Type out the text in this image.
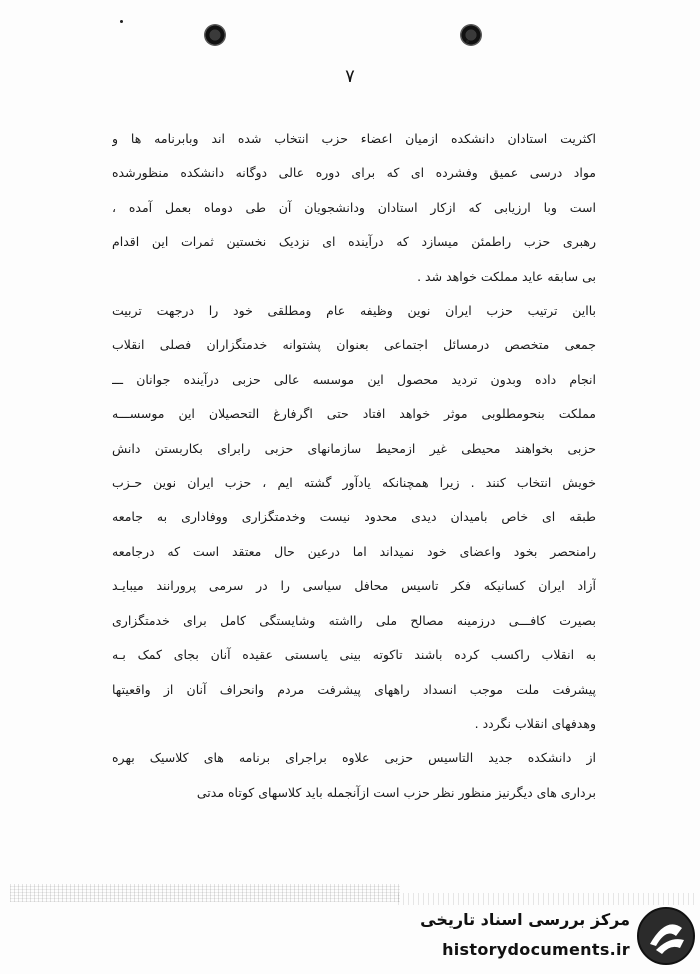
٧
اکثریت استادان دانشکده ازمیان اعضاء حزب انتخاب شده اند وبابرنامه ها و
مواد درسی عمیق وفشرده ای که برای دوره عالی دوگانه دانشکده منظورشده
است وبا ارزیابی که ازکار استادان ودانشجویان آن طی دوماه بعمل آمده ،
رهبری حزب راطمئن میسازد که درآینده ای نزدیک نخستین ثمرات این اقدام
بی سابقه عاید مملکت خواهد شد .
بااین ترتیب حزب ایران نوین وظیفه عام ومطلقی خود را درجهت تربیت
جمعی متخصص درمسائل اجتماعی بعنوان پشتوانه خدمتگزاران فصلی انقلاب
انجام داده وبدون تردید محصول این موسسه عالی حزبی درآینده جوانان ـــ
مملکت بنحومطلوبی موثر خواهد افتاد حتی اگرفارغ التحصیلان این موسســـه
حزبی بخواهند محیطی غیر ازمحیط سازمانهای حزبی رابرای بکاربستن دانش
خویش انتخاب کنند . زیرا همچنانکه یادآور گشته ایم ، حزب ایران نوین حـزب
طبقه ای خاص بامیدان دیدی محدود نیست وخدمتگزاری ووفاداری به جامعه
رامنحصر بخود واعضای خود نمیداند اما درعین حال معتقد است که درجامعه
آزاد ایران کسانیکه فکر تاسیس محافل سیاسی را در سرمی پرورانند میبایـد
بصیرت کافـــی درزمینه مصالح ملی رااشته وشایستگی کامل برای خدمتگزاری
به انقلاب راکسب کرده باشند تاکوته بینی یاسستی عقیده آنان بجای کمک بـه
پیشرفت ملت موجب انسداد راههای پیشرفت مردم وانحراف آنان از واقعیتها
وهدفهای انقلاب نگردد .
از دانشکده جدید التاسیس حزبی علاوه براجرای برنامه های کلاسیک بهره
برداری های دیگرنیز منظور نظر حزب است ازآنجمله باید کلاسهای کوتاه مدتی
مرکز بررسی اسناد تاریخی
historydocuments.ir
